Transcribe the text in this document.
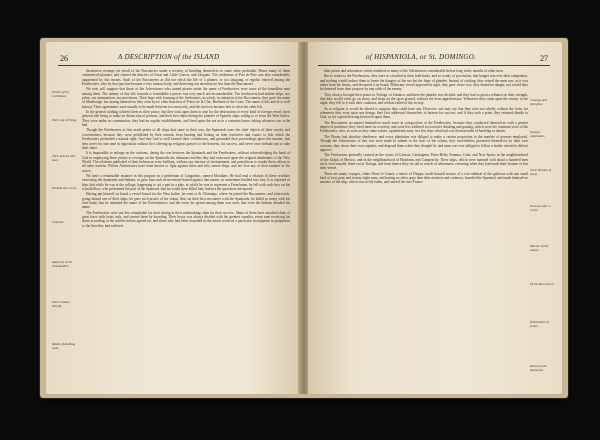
26	A DESCRIPTION of the ISLAND
Pirates of the Caribbean.
Their way of living.
Their articles and laws.
Divided into crews.
Councils.
Authority of the commanders.
Their conduct abroad.
Modes of dividing spoil.

destructive revenge yet recall of the Buccaneers under a severity of besiding themselves to some other profitable. Hence many of them commenced planters, and cleared the districts of Great and Little Goaves, and Leogane. The settlement of Port de Paix was also considerably augmented by this means. Such of the Buccaneers as did not relish the life of a planter, or too fatiguing or regular, entered among the Freebooters, who by that junction became a very famous body, and deserving our attention no less than the Buccaneers.

We now will suppose that those of the Adventurers who turned pirates under the name of Freebooters were some of the boundless men among them. The infamy of this vile towards is formidable a power was very much not inconsiderable. The freebooters had neither ships, nor pilots, nor ammunition, nor provisions. Their hope with forming of the freebooters, as which, in imitation of the Buccaneers, they gave the name of Matelotage, but among themselves they went by no other than that of Frères de la Côte, Brethren of the Coast. The name of this article is well known. Their agreements were usually to be made between two men only, and the survivor became heir to what the other left.

In the general nothing tailored them in their piracy, but they took upon them to arm for the destruction of every kind of foreign vessel, their general rule being to make no distinction of persons, and their first object being the plunder of Spanish ships sailing to or from the West Indies. They were under no commission; they had no regular establishment, and lived upon the sea as in a common home, taking whatever was to be had.

Though the Freebooters at first made prizes of all ships that came in their way, the Spaniards were the chief objects of their cruelty and covetousness, because they were prohibited by their nations from hunting and fishing on their territories and coasts, to fish which the Freebooters pretended a natural right. And they had to well formed their confederacy, and grounded their proceedings upon this maxim, that they never for one time in opposition without first offering up religious prayers to the heavens, for success, and never once forbade any to take their share.

It is impossible to enlarge on the customs, daring the war between the Spaniards and the Freebooters, without acknowledging the hand of God in employing these pirates to revenge on the Spaniards the inhuman cruelties they had exercised upon the original inhabitants of the New World. The relations published of their behaviour were brilliant, without any tincture of enchantment, and punctilious to render them odious to all other nations. Fifteen Adventurers have been known to fight against three and fifty armed ships, and not lose any of their number in the action.

We have a remarkable instance in this purpose in a gentleman of Languedoc, named Montbars. He had read a relation of these cruelties exercising the Spaniards and Indians, as gave him such an inveterate hatred against that nation, as sometimes kindled into fury. It is reported of him, that while he was at the college, happening to act a part in a play, in which he was to represent a Frenchman, he fell with such fury on his schoolfellow, who performed the part of the Spaniard, that he would have killed him, had not the spectators interposed.

Having put himself on board a vessel bound for the West Indies, he went to St. Domingo, where he joined the Buccaneers, and afterwards, going aboard one of their ships, he gave such proofs of his valour, that, on their first encounter with the Spaniards, he killed so many with his own hand, that he obtained the name of the Exterminator; and the terror he spread among them was such, that even the Indians dreaded his name.

The Freebooters were not less remarkable for their daring in their undertakings than for their success. Many of them have attacked ships of great force with boats only, and carried them by boarding. Their booty was always divided with the greatest equality, every man receiving his share according to the articles before agreed on, and those who had been wounded in the action received a particular recompense in proportion to the hurt they had suffered.

of HISPANIOLA, or St. DOMINGO.	27

their prizes and adventures which rendered so many of the Adventurers considerable before long in the mouths of other men.

But to return to the Freebooters, they were so crowded in their little barks, and so scanty of provisions, that hunger was ever their companion, and nothing would induce them to brave the dangers of the sea but the hope of plunder. Instead of cooking, they seized the meat raw, as it was taken from the beasts, and devoured it on board. When any vessel appeared in sight, they gave chace to it; they feared no danger, nor would they be deterred from their purpose by any odds of the enemy.

They always brought their prizes to Tortuga, or Jamaica, and there the plunder was divided: and they had so great a reliance on their strength, that they would often go on shore, and sleep on the open ground, without the least apprehension. Whenever they came upon the enemy in the night, they fell to it with their cutlasses, and seldom failed of the victory.

As to religion, it would be absurd to suppose they could have any. However, one may say that they were not wholly without the form, for whenever they went upon any design, they first addressed themselves to heaven for success; and if they took a prize, they returned thanks to God, as for a great blessing bestowed upon them.

The Buccaneers accounted themselves much more in composition of the Freebooters, because they conducted themselves with a greater degree of prudence; they lived more as a society, and were less addicted to excessive drinking and gaming, which were the common vices of the Freebooters, who, as soon as they came ashore, squandered away in a few days what had cost them months of hardship to obtain.

The Pirates had absolute obedience, and every plantation was obliged to make a certain proportion to the number of persons employed. Though the Adventurers of this sort were made to submit to the laws of the colony, they nevertheless governed themselves by their own customs; they chose their own captains, and deposed them when they thought fit, and none was ever obliged to follow a leader whom he did not approve.

The Freebooters generally cruised on the coasts of Caracas, Carthagena, Porto-Bello, Panama, Cuba, and New Spain; in the neighbourhood of the Gulph of Mexico, and in the neighbourhood of Honduras and Campeachy. Their ships, which were manned with about a hundred men each, were usually fitted out at Tortuga, and from thence they set sail in search of adventures, returning when they had made their fortune or lost their vessel.

There are many voyages, either Pierre le Grand, a native of Dieppe, made himself master of a vice-admiral of the galleons with one small bark of four guns and twenty-eight men; and having no other arms than their muskets and cutlasses, boarded the Spaniard, and made themselves masters of the ship, which was richly laden, and carried her into France.

Courage and discipline.
Voyages undertaken.
Their division of booty.
Excesses after a cruise.
Manner of life ashore.
Of the Buccaneers.
Distribution of prizes.
Return of the Spaniards.
